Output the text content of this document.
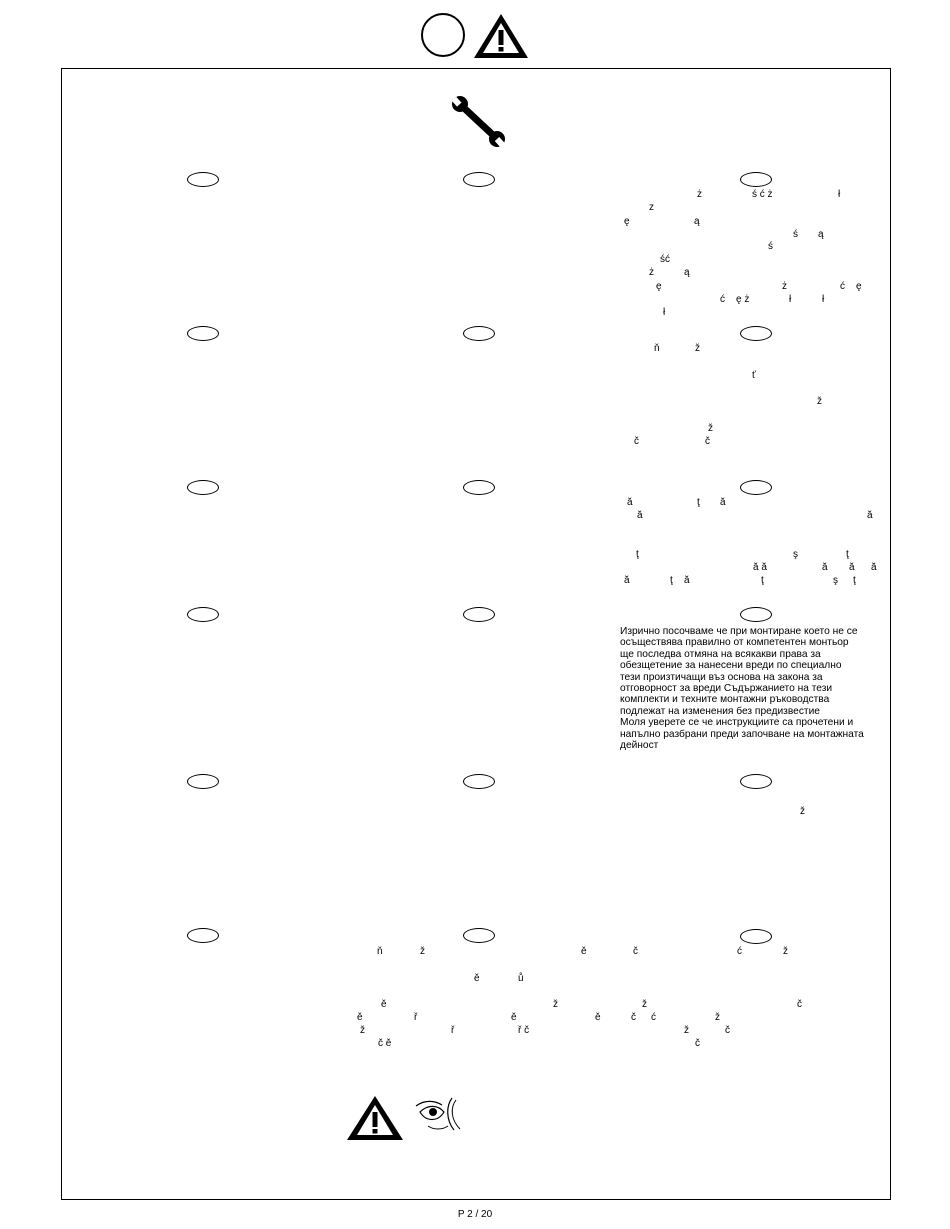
ż	ś ć ż	ł
z
ę	ą
ś ą
ś
ść
ż	ą
ę	ż	ć ę
ć ę ż	ł	ł
ł
ň	ž
ť
ž
ž
č	č
ă	ţ ă
ă	ă
ţ	ş	ţ
ă ă	ă ă ă
ă	ţ ă	ţ	ş ţ
Изрично посочваме че при монтиране което не се
осъществява правилно от компетентен монтьор
ще последва отмяна на всякакви права за
обезщетение за нанесени вреди по специално
тези произтичащи въз основа на закона за
отговорност за вреди Съдържанието на тези
комплекти и техните монтажни ръководства
подлежат на изменения без предизвестие
Моля уверете се че инструкциите са прочетени и
напълно разбрани преди започване на монтажната
дейност
ž
ň	ž	ě	č	ć	ž
ě	ů
ě	ž	ž	č
ě	ř	ě	ě	č ć	ž
ž	ř	ř č	ž	č
č ě	č
P 2 / 20
